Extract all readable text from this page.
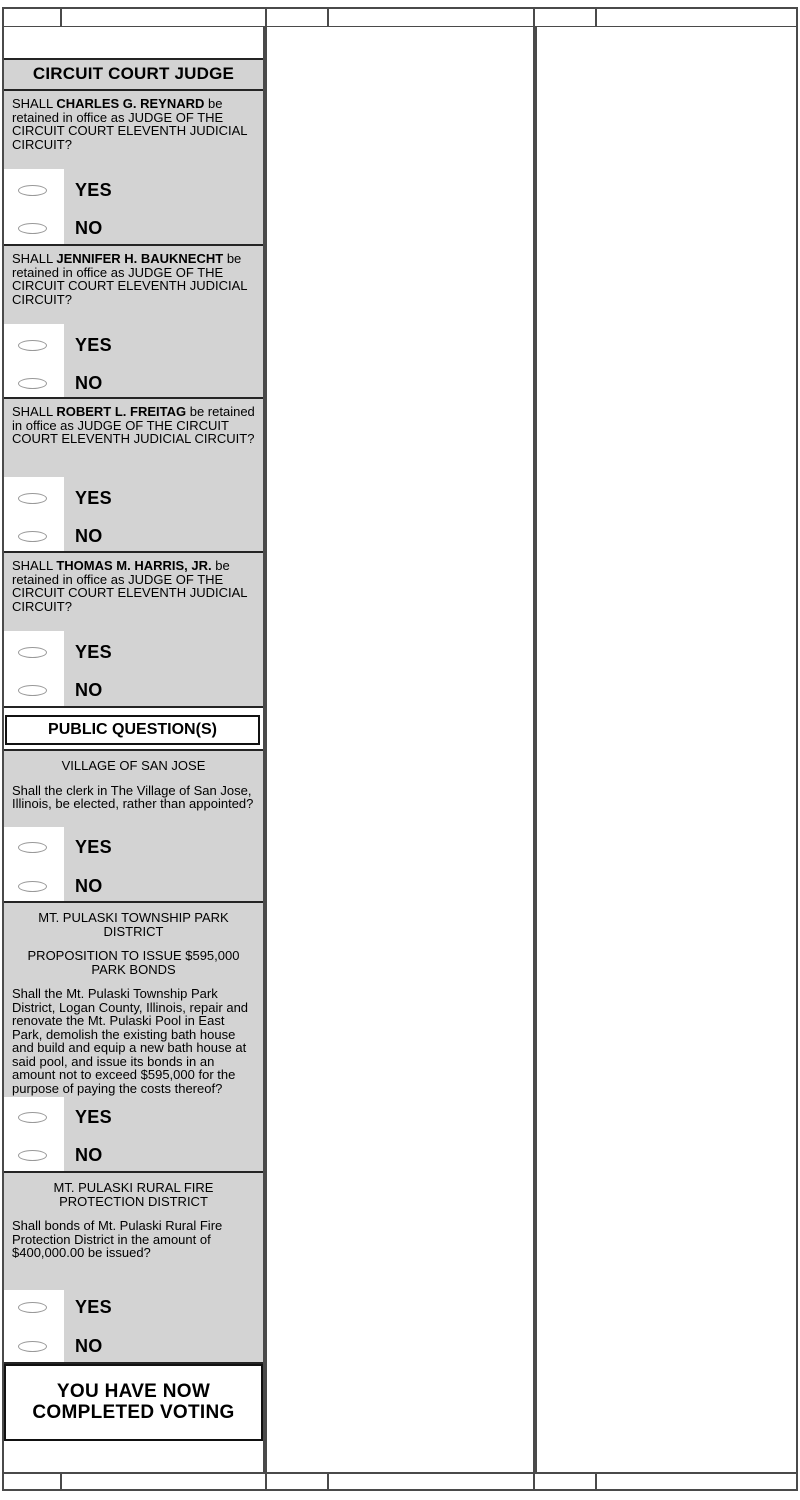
CIRCUIT COURT JUDGE
SHALL CHARLES G. REYNARD be retained in office as JUDGE OF THE CIRCUIT COURT ELEVENTH JUDICIAL CIRCUIT?
YES
NO
SHALL JENNIFER H. BAUKNECHT be retained in office as JUDGE OF THE CIRCUIT COURT ELEVENTH JUDICIAL CIRCUIT?
YES
NO
SHALL ROBERT L. FREITAG be retained in office as JUDGE OF THE CIRCUIT COURT ELEVENTH JUDICIAL CIRCUIT?
YES
NO
SHALL THOMAS M. HARRIS, JR. be retained in office as JUDGE OF THE CIRCUIT COURT ELEVENTH JUDICIAL CIRCUIT?
YES
NO
PUBLIC QUESTION(S)
VILLAGE OF SAN JOSE
Shall the clerk in The Village of San Jose, Illinois, be elected, rather than appointed?
YES
NO
MT. PULASKI TOWNSHIP PARK DISTRICT
PROPOSITION TO ISSUE $595,000 PARK BONDS
Shall the Mt. Pulaski Township Park District, Logan County, Illinois, repair and renovate the Mt. Pulaski Pool in East Park, demolish the existing bath house and build and equip a new bath house at said pool, and issue its bonds in an amount not to exceed $595,000 for the purpose of paying the costs thereof?
YES
NO
MT. PULASKI RURAL FIRE PROTECTION DISTRICT
Shall bonds of Mt. Pulaski Rural Fire Protection District in the amount of $400,000.00 be issued?
YES
NO
YOU HAVE NOW
COMPLETED VOTING
